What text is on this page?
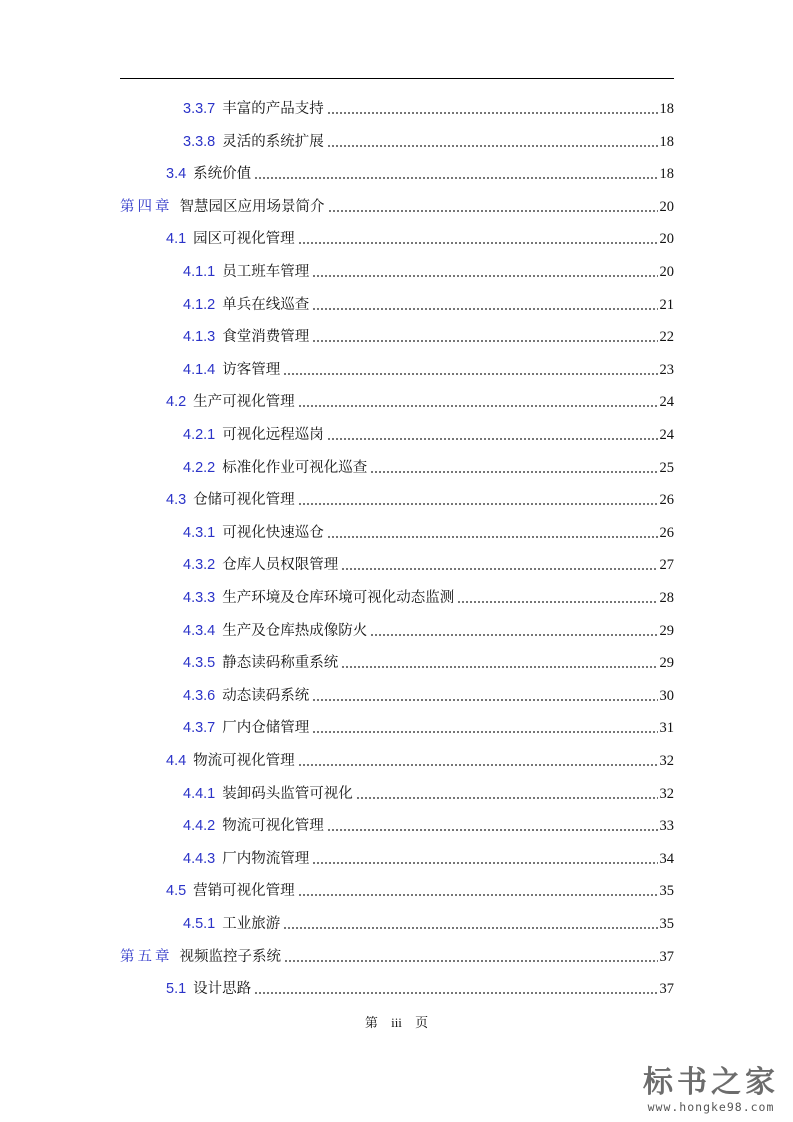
3.3.7 丰富的产品支持	18
3.3.8 灵活的系统扩展	18
3.4 系统价值	18
第四章 智慧园区应用场景简介	20
4.1 园区可视化管理	20
4.1.1 员工班车管理	20
4.1.2 单兵在线巡查	21
4.1.3 食堂消费管理	22
4.1.4 访客管理	23
4.2 生产可视化管理	24
4.2.1 可视化远程巡岗	24
4.2.2 标准化作业可视化巡查	25
4.3 仓储可视化管理	26
4.3.1 可视化快速巡仓	26
4.3.2 仓库人员权限管理	27
4.3.3 生产环境及仓库环境可视化动态监测	28
4.3.4 生产及仓库热成像防火	29
4.3.5 静态读码称重系统	29
4.3.6 动态读码系统	30
4.3.7 厂内仓储管理	31
4.4 物流可视化管理	32
4.4.1 装卸码头监管可视化	32
4.4.2 物流可视化管理	33
4.4.3 厂内物流管理	34
4.5 营销可视化管理	35
4.5.1 工业旅游	35
第五章 视频监控子系统	37
5.1 设计思路	37
第 iii 页
标书之家
www.hongke98.com
